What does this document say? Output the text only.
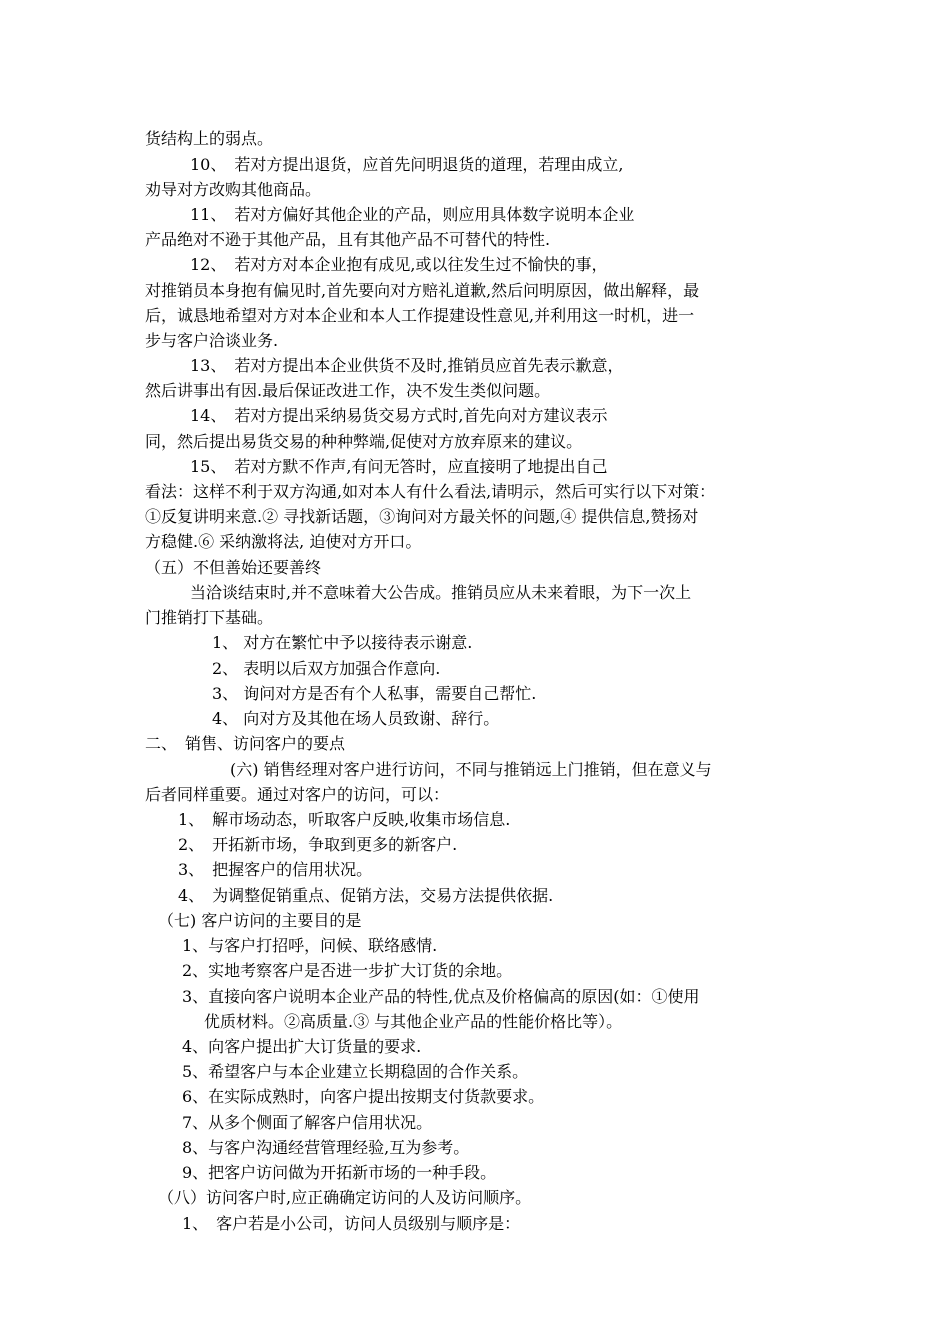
货结构上的弱点。
10、　若对方提出退货，应首先问明退货的道理，若理由成立,
劝导对方改购其他商品。
11、　若对方偏好其他企业的产品，则应用具体数字说明本企业
产品绝对不逊于其他产品，且有其他产品不可替代的特性.
12、　若对方对本企业抱有成见,或以往发生过不愉快的事，
对推销员本身抱有偏见时,首先要向对方赔礼道歉,然后问明原因，做出解释，最
后，诚恳地希望对方对本企业和本人工作提建设性意见,并利用这一时机，进一
步与客户洽谈业务.
13、　若对方提出本企业供货不及时,推销员应首先表示歉意，
然后讲事出有因.最后保证改进工作，决不发生类似问题。
14、　若对方提出采纳易货交易方式时,首先向对方建议表示
同，然后提出易货交易的种种弊端,促使对方放弃原来的建议。
15、　若对方默不作声,有问无答时，应直接明了地提出自己
看法：这样不利于双方沟通,如对本人有什么看法,请明示，然后可实行以下对策：
①反复讲明来意.② 寻找新话题，③询问对方最关怀的问题,④ 提供信息,赞扬对
方稳健.⑥ 采纳激将法, 迫使对方开口。
（五）不但善始还要善终
当洽谈结束时,并不意味着大公告成。推销员应从未来着眼，为下一次上
门推销打下基础。
1、 对方在繁忙中予以接待表示谢意.
2、 表明以后双方加强合作意向.
3、 询问对方是否有个人私事，需要自己帮忙.
4、 向对方及其他在场人员致谢、辞行。
二、　销售、访问客户的要点
(六) 销售经理对客户进行访问，不同与推销远上门推销，但在意义与
后者同样重要。通过对客户的访问，可以：
1、　解市场动态，听取客户反映,收集市场信息.
2、　开拓新市场，争取到更多的新客户.
3、　把握客户的信用状况。
4、　为调整促销重点、促销方法，交易方法提供依据.
（七) 客户访问的主要目的是
1、与客户打招呼，问候、联络感情.
2、实地考察客户是否进一步扩大订货的余地。
3、直接向客户说明本企业产品的特性,优点及价格偏高的原因(如：①使用
优质材料。②高质量.③ 与其他企业产品的性能价格比等）。
4、向客户提出扩大订货量的要求.
5、希望客户与本企业建立长期稳固的合作关系。
6、在实际成熟时，向客户提出按期支付货款要求。
7、从多个侧面了解客户信用状况。
8、与客户沟通经营管理经验,互为参考。
9、把客户访问做为开拓新市场的一种手段。
（八）访问客户时,应正确确定访问的人及访问顺序。
1、　客户若是小公司，访问人员级别与顺序是：
